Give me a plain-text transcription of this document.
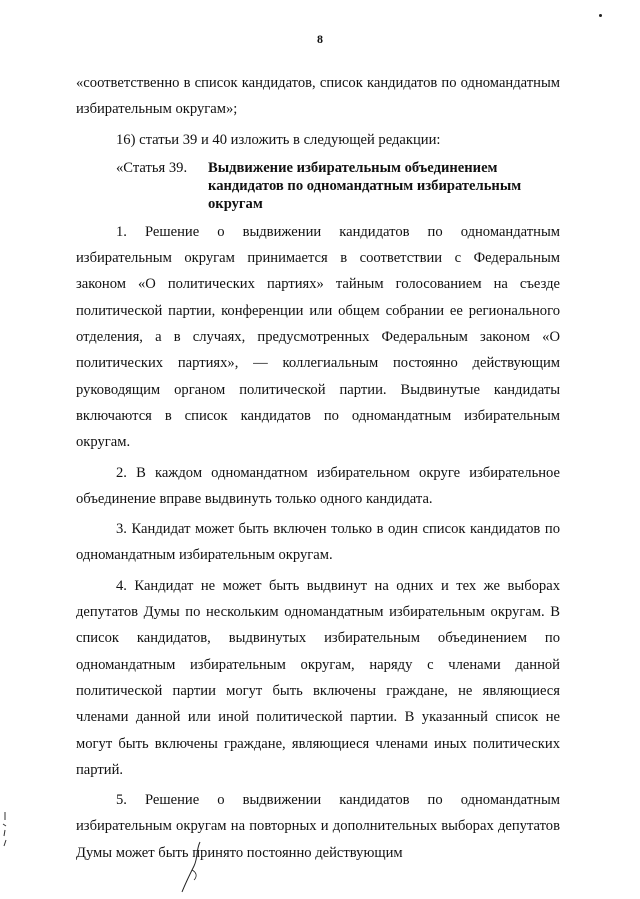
8

«соответственно в список кандидатов, список кандидатов по одномандатным избирательным округам»;

16) статьи 39 и 40 изложить в следующей редакции:

«Статья 39.	Выдвижение избирательным объединением кандидатов по одномандатным избирательным округам

1. Решение о выдвижении кандидатов по одномандатным избирательным округам принимается в соответствии с Федеральным законом «О политических партиях» тайным голосованием на съезде политической партии, конференции или общем собрании ее регионального отделения, а в случаях, предусмотренных Федеральным законом «О политических партиях», — коллегиальным постоянно действующим руководящим органом политической партии. Выдвинутые кандидаты включаются в список кандидатов по одномандатным избирательным округам.

2. В каждом одномандатном избирательном округе избирательное объединение вправе выдвинуть только одного кандидата.

3. Кандидат может быть включен только в один список кандидатов по одномандатным избирательным округам.

4. Кандидат не может быть выдвинут на одних и тех же выборах депутатов Думы по нескольким одномандатным избирательным округам. В список кандидатов, выдвинутых избирательным объединением по одномандатным избирательным округам, наряду с членами данной политической партии могут быть включены граждане, не являющиеся членами данной или иной политической партии. В указанный список не могут быть включены граждане, являющиеся членами иных политических партий.

5. Решение о выдвижении кандидатов по одномандатным избирательным округам на повторных и дополнительных выборах депутатов Думы может быть принято постоянно действующим
